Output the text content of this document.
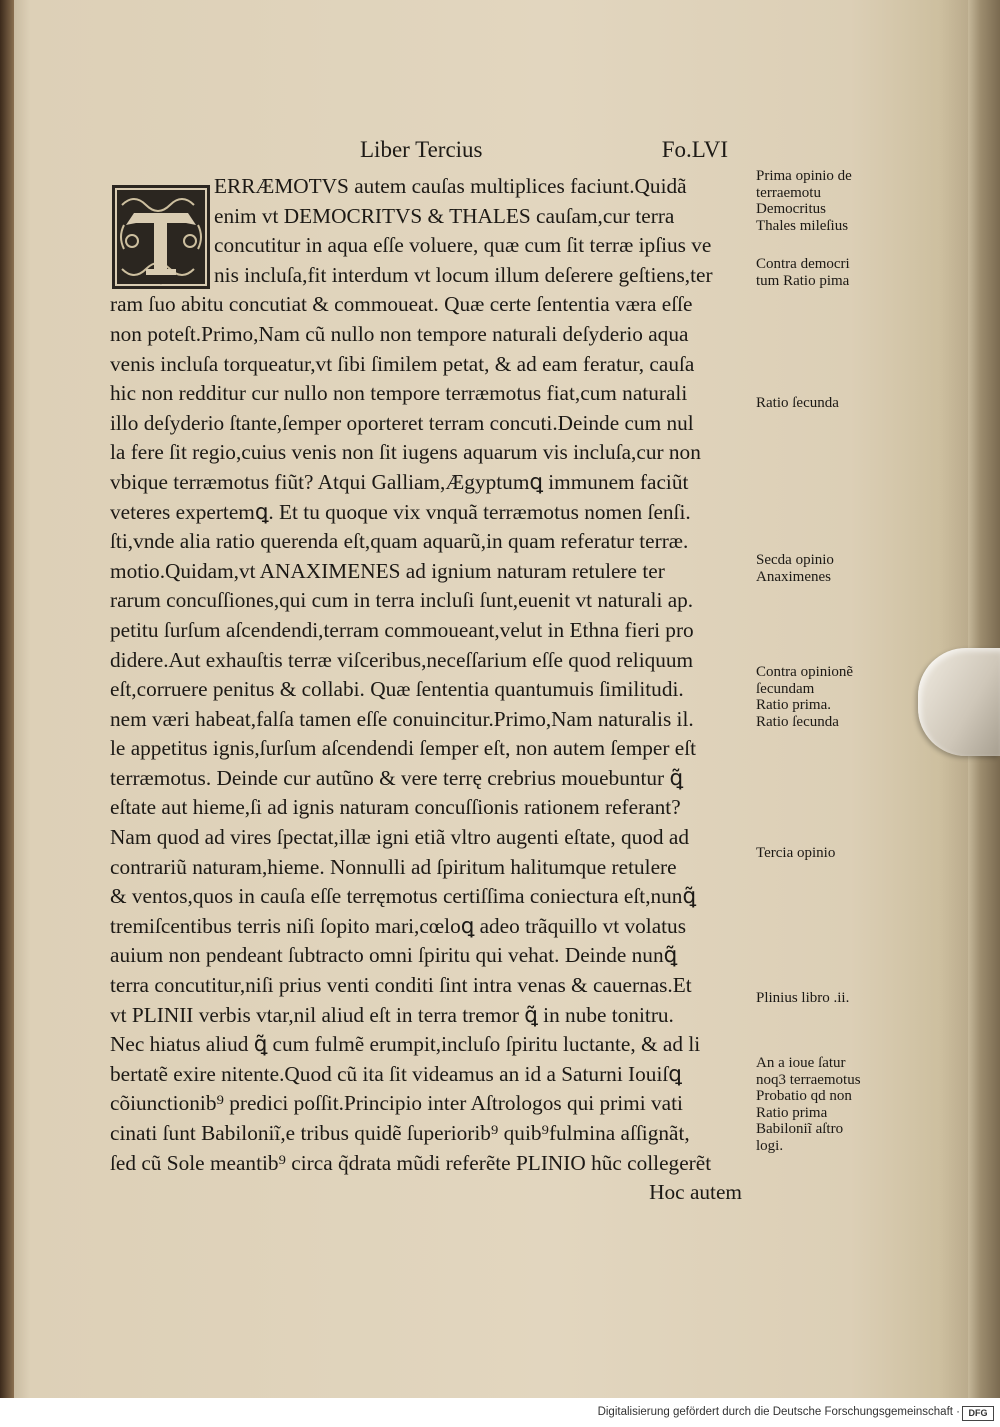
Liber Tercius	Fo.LVI
T
ERRÆMOTVS autem cauſas multiplices faciunt.Quidã
enim vt DEMOCRITVS & THALES cauſam,cur terra
concutitur in aqua eſſe voluere, quæ cum ſit terræ ipſius ve
nis incluſa,fit interdum vt locum illum deſerere geſtiens,ter
ram ſuo abitu concutiat & commoueat. Quæ certe ſententia væra eſſe
non poteſt.Primo,Nam cũ nullo non tempore naturali deſyderio aqua
venis incluſa torqueatur,vt ſibi ſimilem petat, & ad eam feratur, cauſa
hic non redditur cur nullo non tempore terræmotus fiat,cum naturali
illo deſyderio ſtante,ſemper oporteret terram concuti.Deinde cum nul
la fere ſit regio,cuius venis non ſit iugens aquarum vis incluſa,cur non
vbique terræmotus fiũt? Atqui Galliam,Ægyptumꝗ immunem faciũt
veteres expertemꝗ. Et tu quoque vix vnquã terræmotus nomen ſenſi.
ſti,vnde alia ratio querenda eſt,quam aquarũ,in quam referatur terræ.
motio.Quidam,vt ANAXIMENES ad ignium naturam retulere ter
rarum concuſſiones,qui cum in terra incluſi ſunt,euenit vt naturali ap.
petitu ſurſum aſcendendi,terram commoueant,velut in Ethna fieri pro
didere.Aut exhauſtis terræ viſceribus,neceſſarium eſſe quod reliquum
eſt,corruere penitus & collabi. Quæ ſententia quantumuis ſimilitudi.
nem væri habeat,falſa tamen eſſe conuincitur.Primo,Nam naturalis il.
le appetitus ignis,ſurſum aſcendendi ſemper eſt, non autem ſemper eſt
terræmotus. Deinde cur autũno & vere terrę crebrius mouebuntur ꝗ̃
eſtate aut hieme,ſi ad ignis naturam concuſſionis rationem referant?
Nam quod ad vires ſpectat,illæ igni etiã vltro augenti eſtate, quod ad
contrariũ naturam,hieme. Nonnulli ad ſpiritum halitumque retulere
& ventos,quos in cauſa eſſe terręmotus certiſſima coniectura eſt,nunꝗ̃
tremiſcentibus terris niſi ſopito mari,cœloꝗ adeo trãquillo vt volatus
auium non pendeant ſubtracto omni ſpiritu qui vehat. Deinde nunꝗ̃
terra concutitur,niſi prius venti conditi ſint intra venas & cauernas.Et
vt PLINII verbis vtar,nil aliud eſt in terra tremor ꝗ̃ in nube tonitru.
Nec hiatus aliud ꝗ̃ cum fulmẽ erumpit,incluſo ſpiritu luctante, & ad li
bertatẽ exire nitente.Quod cũ ita ſit videamus an id a Saturni Iouiſꝗ
cõiunctionib⁹ predici poſſit.Principio inter Aſtrologos qui primi vati
cinati ſunt Babiloniĩ,e tribus quidẽ ſuperiorib⁹ quib⁹fulmina aſſignãt,
ſed cũ Sole meantib⁹ circa q̃drata mũdi referẽte PLINIO hũc collegerẽt
Hoc autem
Prima opinio de
terraemotu
Democritus
Thales mileſius
Contra democri
tum Ratio pima
Ratio ſecunda
Secda opinio
Anaximenes
Contra opinionẽ
ſecundam
Ratio prima.
Ratio ſecunda
Tercia opinio
Plinius libro .ii.
An a ioue ſatur
noq3 terraemotus
Probatio qd non
Ratio prima
Babiloniĩ aſtro
logi.
Digitalisierung gefördert durch die Deutsche Forschungsgemeinschaft · DFG
